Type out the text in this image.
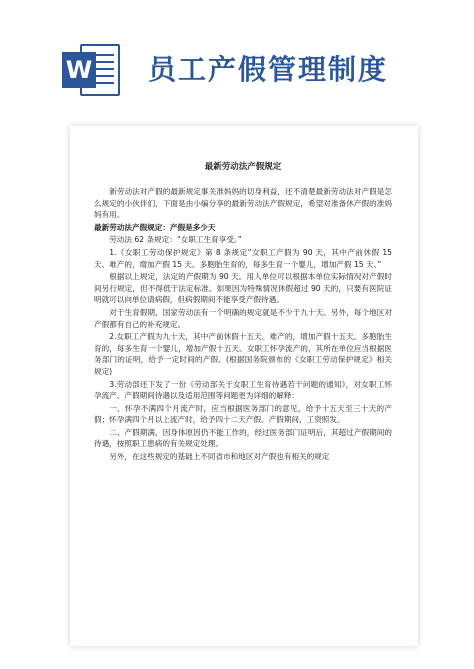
W 员工产假管理制度

最新劳动法产假规定

新劳动法对产假的最新规定事关准妈妈的切身利益，还不清楚最新劳动法对产假是怎么规定的小伙伴们，下面是由小编分享的最新劳动法产假规定，希望对准备休产假的准妈妈有用。

最新劳动法产假规定：产假是多少天

劳动法 62 条规定：“女职工生育享受。”

1.《女职工劳动保护规定》第 8 条规定“女职工产假为 90 天，其中产前休假 15 天。难产的，增加产假 15 天。多胞胎生育的，每多生育一个婴儿，增加产假 15 天。”

根据以上规定，法定的产假期为 90 天。用人单位可以根据本单位实际情况对产假时间另行规定，但不得低于法定标准。如果因为特殊情况休假超过 90 天的，只要有医院证明就可以向单位请病假，但病假期间不能享受产假待遇。

对于生育假期，国家劳动法有一个明确的规定就是不少于九十天。另外，每个地区对产假都有自己的补充规定。

2.女职工产假为九十天，其中产前休假十五天。难产的，增加产假十五天。多胞胎生育的，每多生育一个婴儿，增加产假十五天。女职工怀孕流产的，其所在单位应当根据医务部门的证明，给予一定时间的产假。(根据国务院颁布的《女职工劳动保护规定》相关规定)

3.劳动部还下发了一份《劳动部关于女职工生育待遇若干问题的通知》，对女职工怀孕流产、产假期间待遇以及适用范围等问题更为详细的解释：

一、怀孕不满四个月流产时，应当根据医务部门的意见，给予十五天至三十天的产假；怀孕满四个月以上流产时，给予四十二天产假。产假期间，工资照发。

二、产假期满，因身体原因仍不能工作的，经过医务部门证明后，其超过产假期间的待遇，按照职工患病的有关规定处理。

另外，在这些规定的基础上不同省市和地区对产假也有相关的规定
